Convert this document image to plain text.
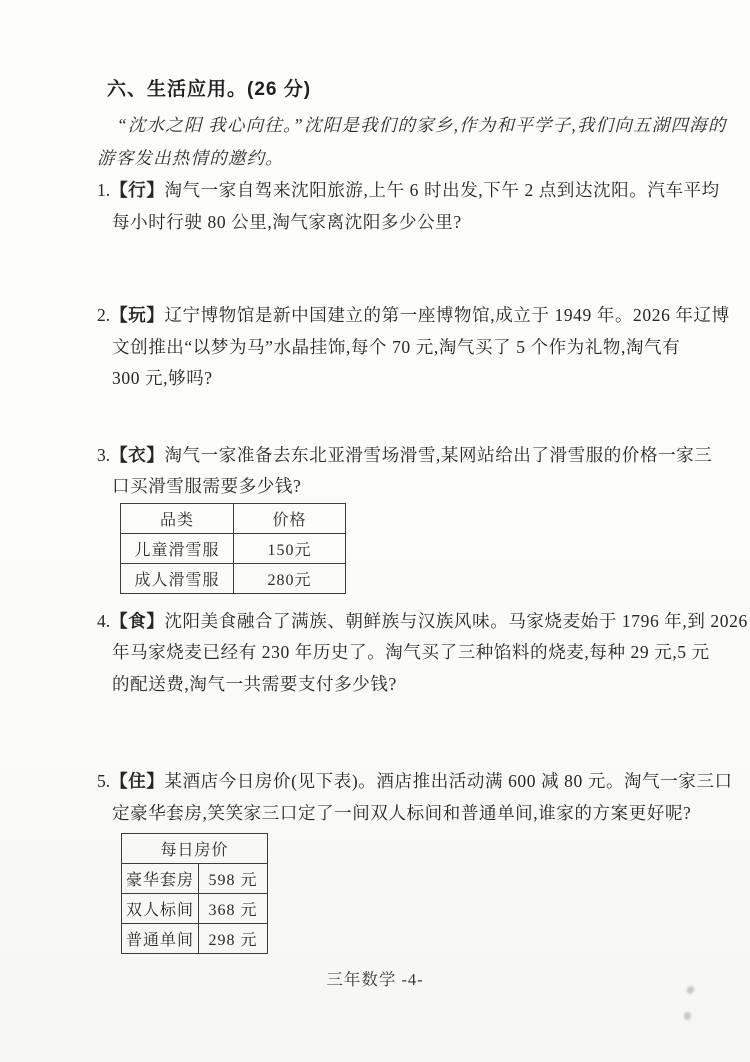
六、生活应用。(26 分)
“沈水之阳 我心向往。”沈阳是我们的家乡,作为和平学子,我们向五湖四海的
游客发出热情的邀约。
1.【行】淘气一家自驾来沈阳旅游,上午 6 时出发,下午 2 点到达沈阳。汽车平均
每小时行驶 80 公里,淘气家离沈阳多少公里?
2.【玩】辽宁博物馆是新中国建立的第一座博物馆,成立于 1949 年。2026 年辽博
文创推出“以梦为马”水晶挂饰,每个 70 元,淘气买了 5 个作为礼物,淘气有
300 元,够吗?
3.【衣】淘气一家准备去东北亚滑雪场滑雪,某网站给出了滑雪服的价格一家三
口买滑雪服需要多少钱?
品类	价格
儿童滑雪服	150元
成人滑雪服	280元
4.【食】沈阳美食融合了满族、朝鲜族与汉族风味。马家烧麦始于 1796 年,到 2026
年马家烧麦已经有 230 年历史了。淘气买了三种馅料的烧麦,每种 29 元,5 元
的配送费,淘气一共需要支付多少钱?
5.【住】某酒店今日房价(见下表)。酒店推出活动满 600 减 80 元。淘气一家三口
定豪华套房,笑笑家三口定了一间双人标间和普通单间,谁家的方案更好呢?
每日房价	
豪华套房	598 元
双人标间	368 元
普通单间	298 元
三年数学 -4-
